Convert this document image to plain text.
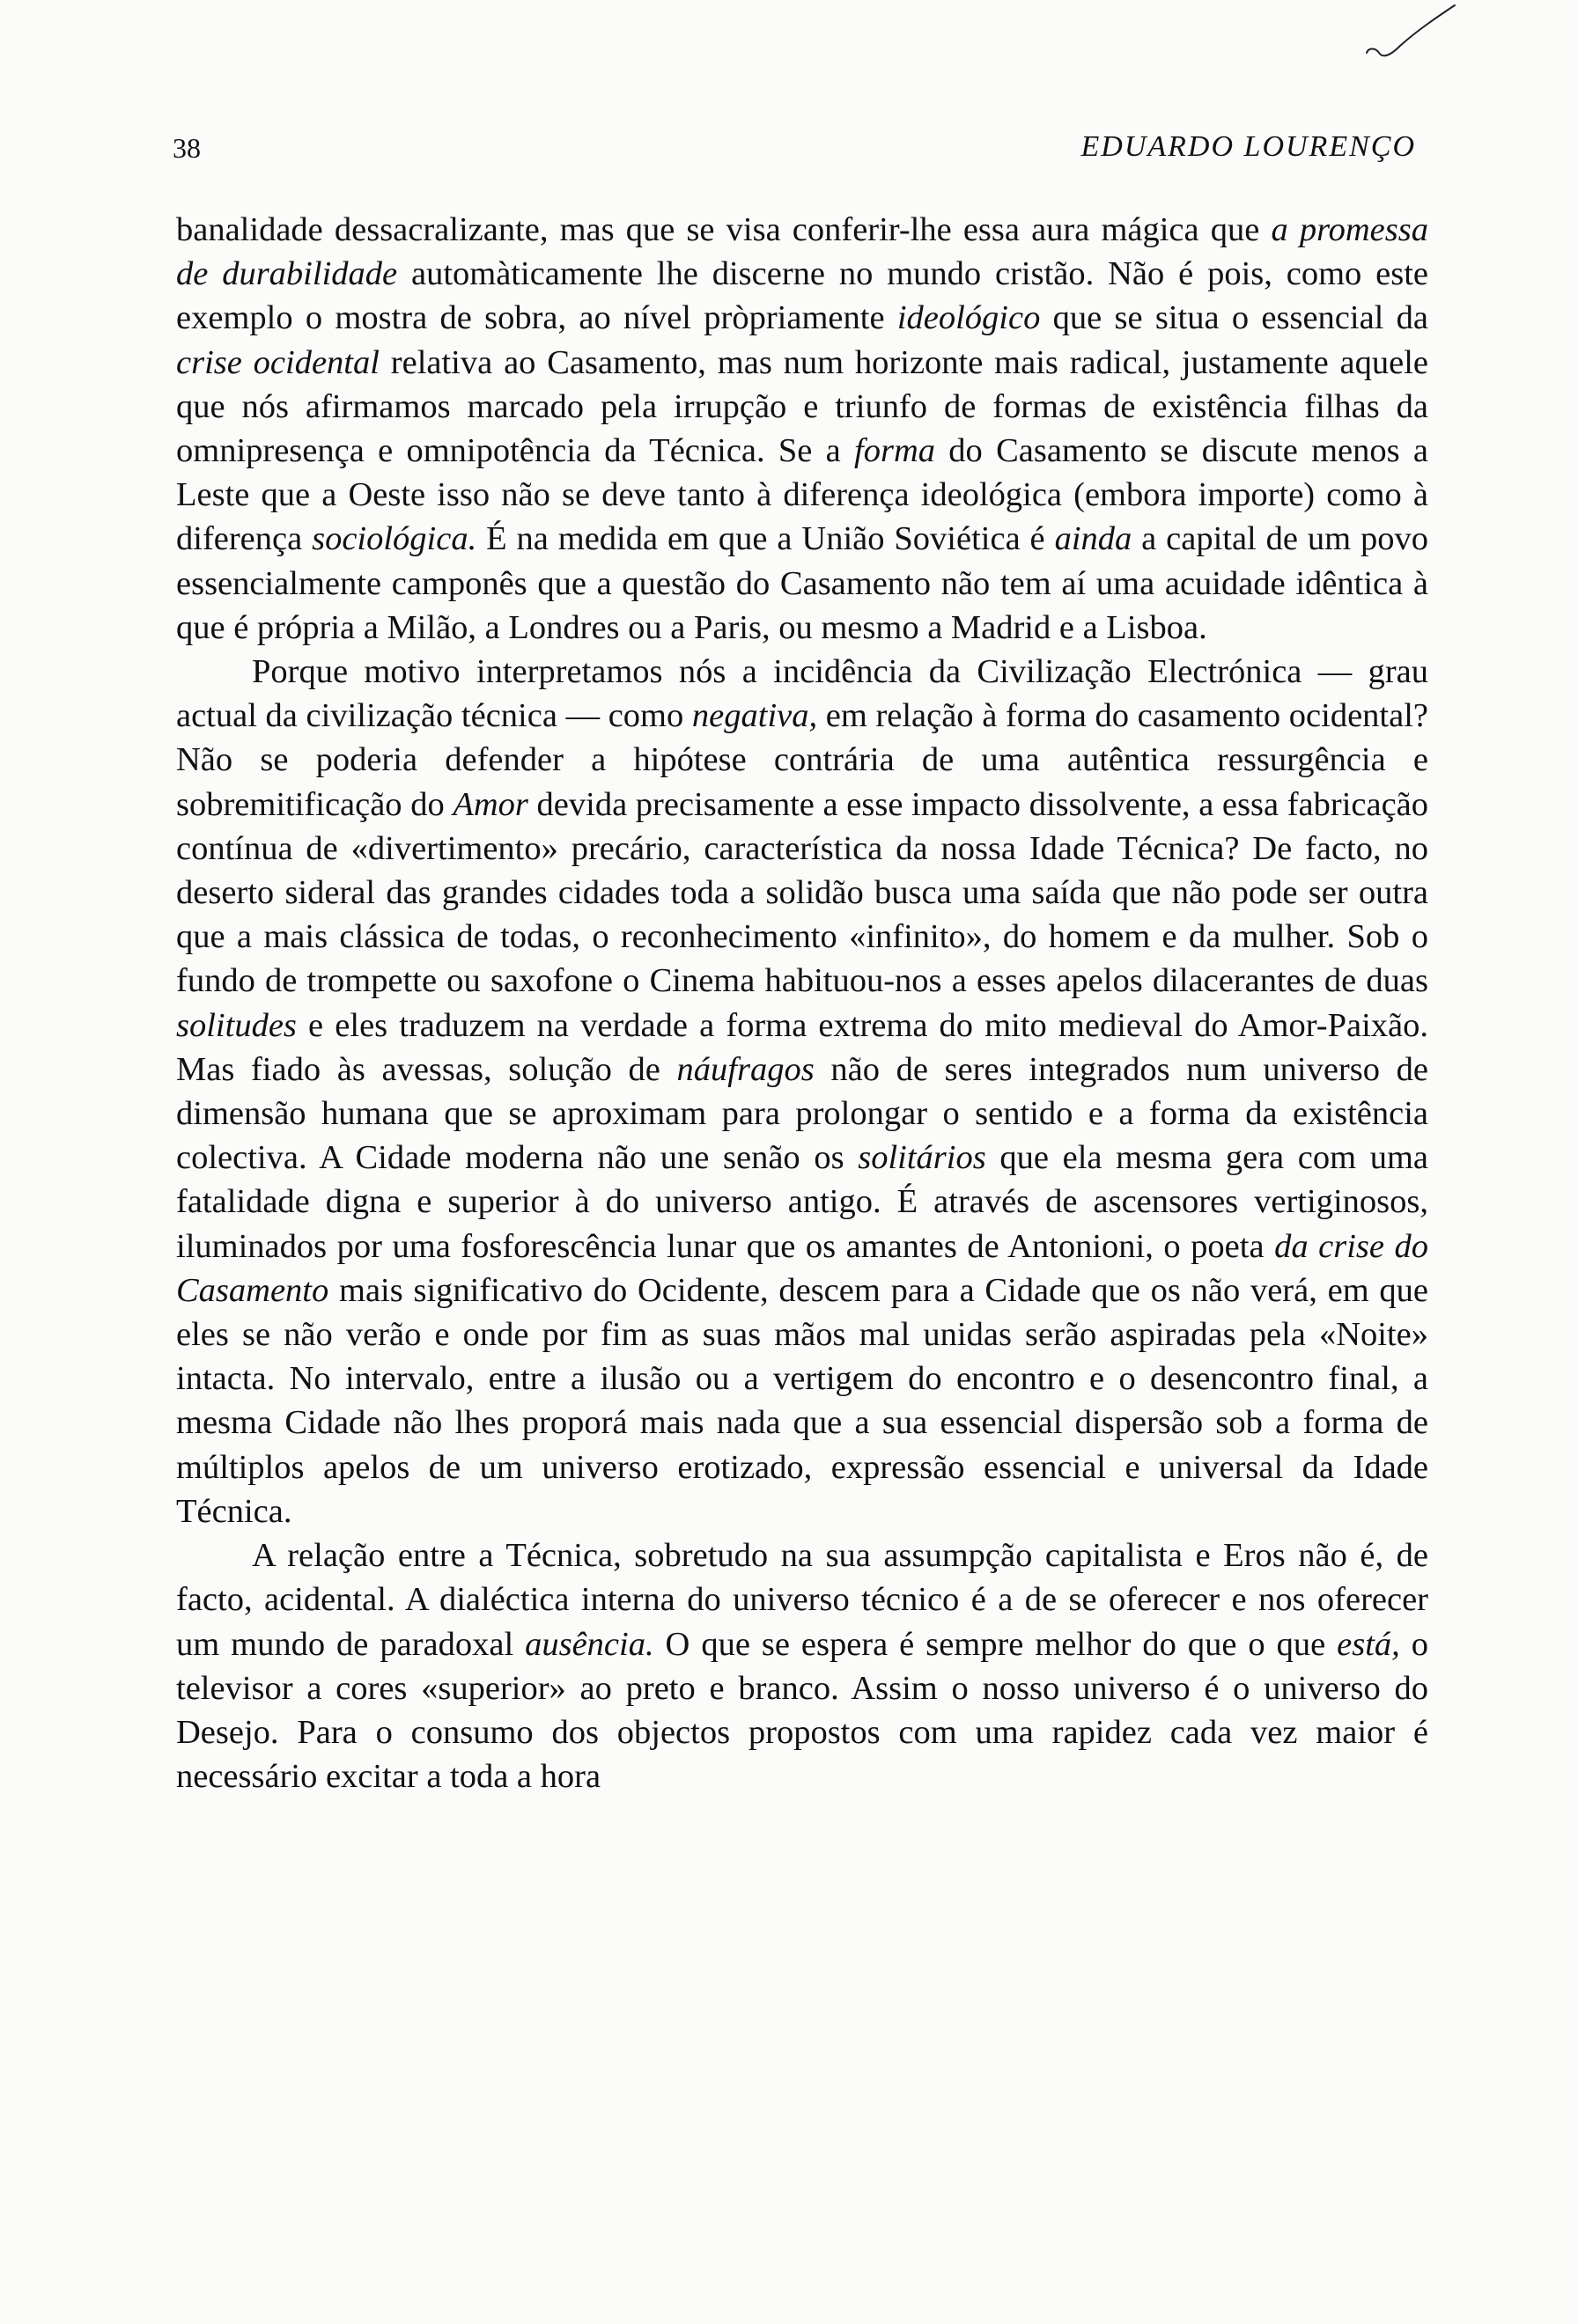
38	EDUARDO LOURENÇO

banalidade dessacralizante, mas que se visa conferir-lhe essa aura mágica que a promessa de durabilidade automàticamente lhe discerne no mundo cristão. Não é pois, como este exemplo o mostra de sobra, ao nível pròpriamente ideológico que se situa o essencial da crise ocidental relativa ao Casamento, mas num horizonte mais radical, justamente aquele que nós afirmamos marcado pela irrupção e triunfo de formas de existência filhas da omnipresença e omnipotência da Técnica. Se a forma do Casamento se discute menos a Leste que a Oeste isso não se deve tanto à diferença ideológica (embora importe) como à diferença sociológica. É na medida em que a União Soviética é ainda a capital de um povo essencialmente camponês que a questão do Casamento não tem aí uma acuidade idêntica à que é própria a Milão, a Londres ou a Paris, ou mesmo a Madrid e a Lisboa.

Porque motivo interpretamos nós a incidência da Civilização Electrónica — grau actual da civilização técnica — como negativa, em relação à forma do casamento ocidental? Não se poderia defender a hipótese contrária de uma autêntica ressurgência e sobremitificação do Amor devida precisamente a esse impacto dissolvente, a essa fabricação contínua de «divertimento» precário, característica da nossa Idade Técnica? De facto, no deserto sideral das grandes cidades toda a solidão busca uma saída que não pode ser outra que a mais clássica de todas, o reconhecimento «infinito», do homem e da mulher. Sob o fundo de trompette ou saxofone o Cinema habituou-nos a esses apelos dilacerantes de duas solitudes e eles traduzem na verdade a forma extrema do mito medieval do Amor-Paixão. Mas fiado às avessas, solução de náufragos não de seres integrados num universo de dimensão humana que se aproximam para prolongar o sentido e a forma da existência colectiva. A Cidade moderna não une senão os solitários que ela mesma gera com uma fatalidade digna e superior à do universo antigo. É através de ascensores vertiginosos, iluminados por uma fosforescência lunar que os amantes de Antonioni, o poeta da crise do Casamento mais significativo do Ocidente, descem para a Cidade que os não verá, em que eles se não verão e onde por fim as suas mãos mal unidas serão aspiradas pela «Noite» intacta. No intervalo, entre a ilusão ou a vertigem do encontro e o desencontro final, a mesma Cidade não lhes proporá mais nada que a sua essencial dispersão sob a forma de múltiplos apelos de um universo erotizado, expressão essencial e universal da Idade Técnica.

A relação entre a Técnica, sobretudo na sua assumpção capitalista e Eros não é, de facto, acidental. A dialéctica interna do universo técnico é a de se oferecer e nos oferecer um mundo de paradoxal ausência. O que se espera é sempre melhor do que o que está, o televisor a cores «superior» ao preto e branco. Assim o nosso universo é o universo do Desejo. Para o consumo dos objectos propostos com uma rapidez cada vez maior é necessário excitar a toda a hora
